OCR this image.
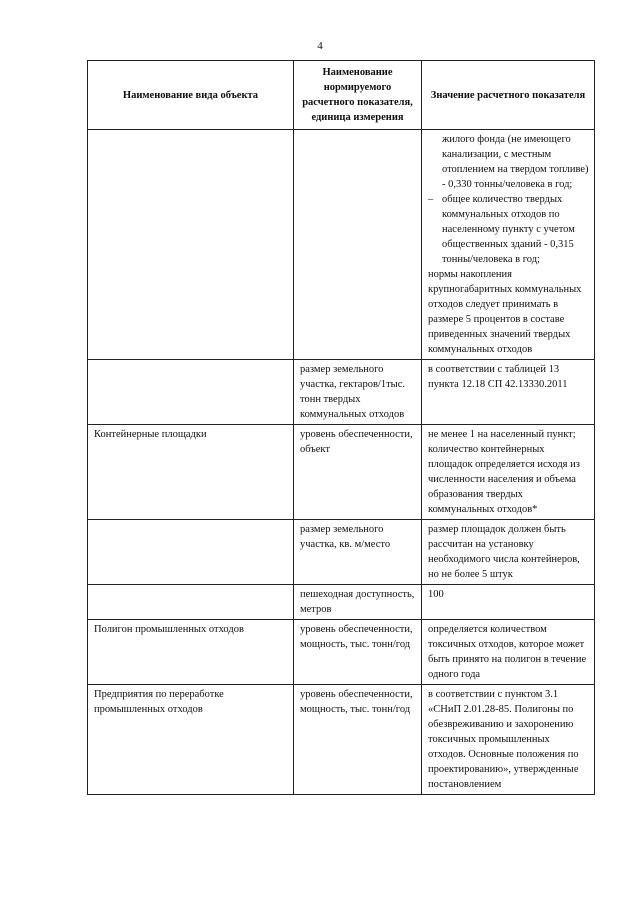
4
Наименование вида объекта	Наименование нормируемого расчетного показателя, единица измерения	Значение расчетного показателя

		жилого фонда (не имеющего канализации, с местным отоплением на твердом топливе) - 0,330 тонны/человека в год;
– общее количество твердых коммунальных отходов по населенному пункту с учетом общественных зданий - 0,315 тонны/человека в год;
нормы накопления крупногабаритных коммунальных отходов следует принимать в размере 5 процентов в составе приведенных значений твердых коммунальных отходов

	размер земельного участка, гектаров/1тыс. тонн твердых коммунальных отходов	в соответствии с таблицей 13 пункта 12.18 СП 42.13330.2011
Контейнерные площадки	уровень обеспеченности, объект	не менее 1 на населенный пункт; количество контейнерных площадок определяется исходя из численности населения и объема образования твердых коммунальных отходов*
	размер земельного участка, кв. м/место	размер площадок должен быть рассчитан на установку необходимого числа контейнеров, но не более 5 штук
	пешеходная доступность, метров	100
Полигон промышленных отходов	уровень обеспеченности, мощность, тыс. тонн/год	определяется количеством токсичных отходов, которое может быть принято на полигон в течение одного года
Предприятия по переработке промышленных отходов	уровень обеспеченности, мощность, тыс. тонн/год	в соответствии с пунктом 3.1 «СНиП 2.01.28-85. Полигоны по обезвреживанию и захоронению токсичных промышленных отходов. Основные положения по проектированию», утвержденные постановлением
